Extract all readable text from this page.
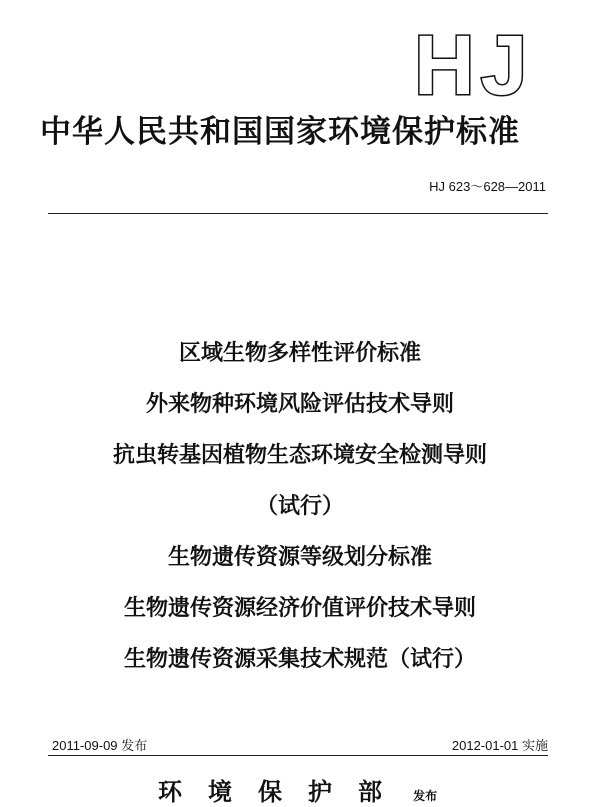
HJ
中华人民共和国国家环境保护标准
HJ 623～628—2011
区域生物多样性评价标准
外来物种环境风险评估技术导则
抗虫转基因植物生态环境安全检测导则
（试行）
生物遗传资源等级划分标准
生物遗传资源经济价值评价技术导则
生物遗传资源采集技术规范（试行）
2011-09-09 发布	2012-01-01 实施
环境保护部 发布
